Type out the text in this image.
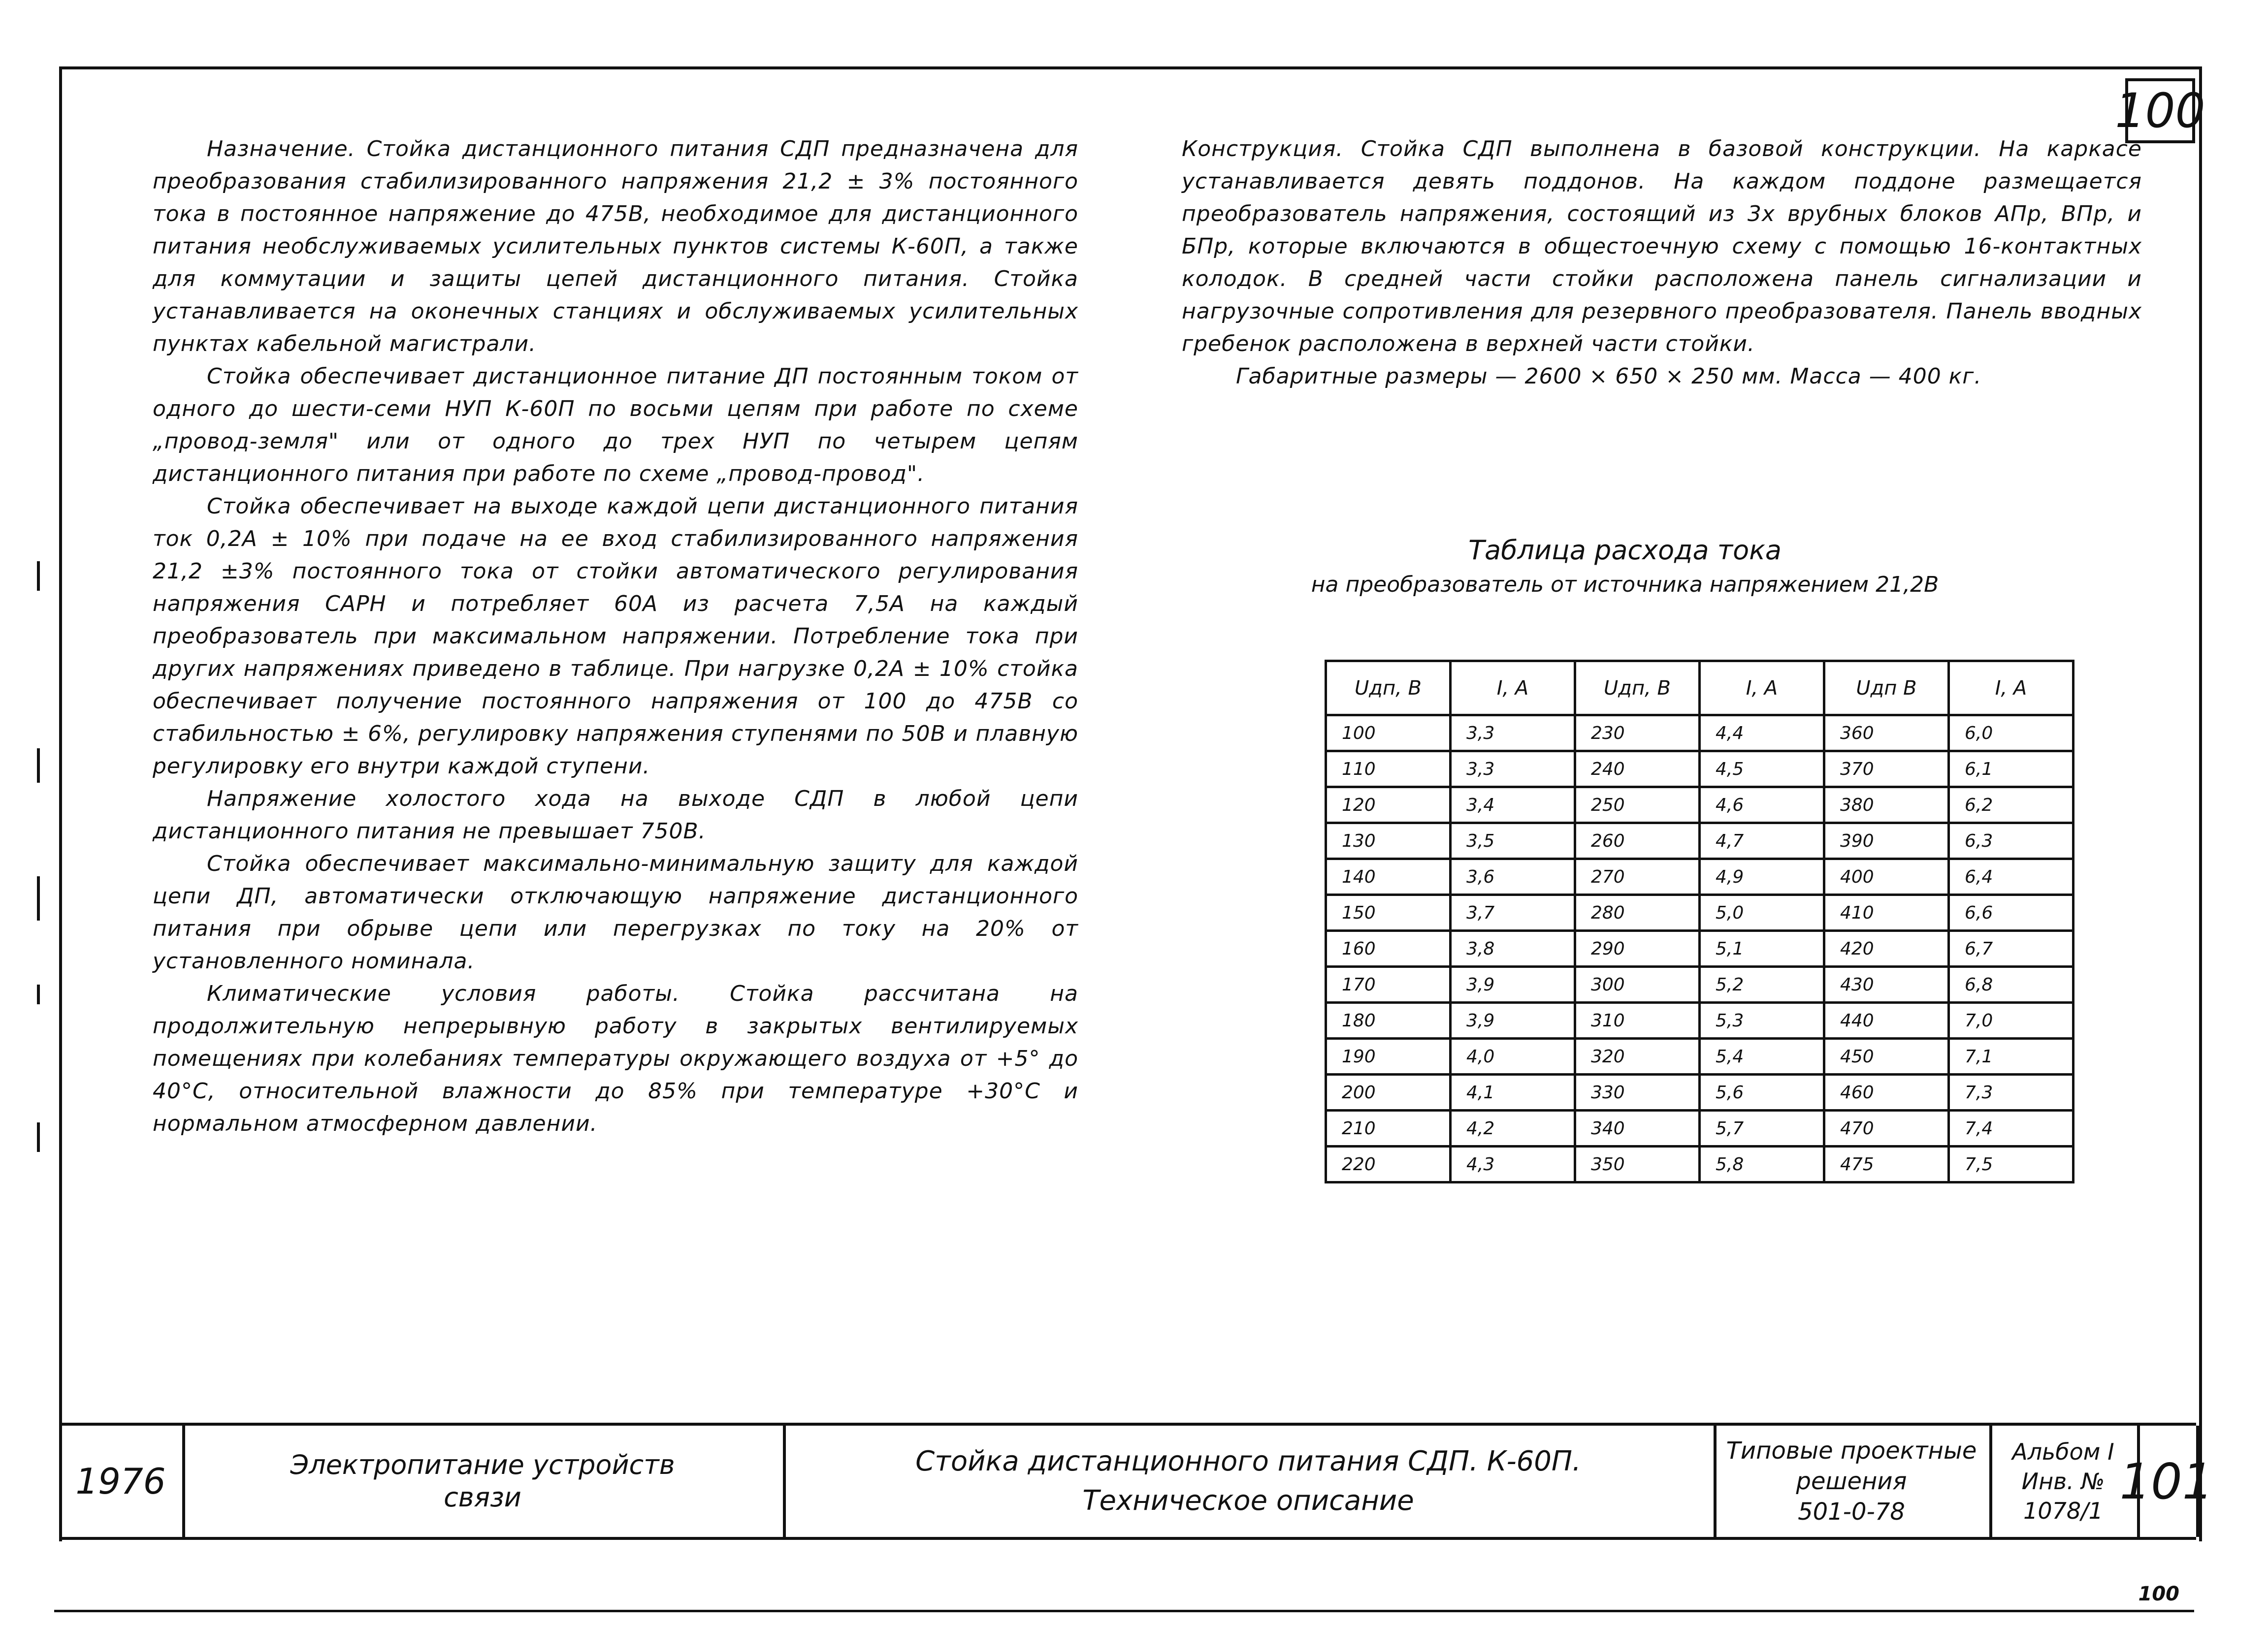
100

Назначение. Стойка дистанционного питания СДП предназначена для преобразования стабилизированного напряжения 21,2 ± 3% постоянного тока в постоянное напряжение до 475В, необходимое для дистанционного питания необслуживаемых усилительных пунктов системы К-60П, а также для коммутации и защиты цепей дистанционного питания. Стойка устанавливается на оконечных станциях и обслуживаемых усилительных пунктах кабельной магистрали.

Стойка обеспечивает дистанционное питание ДП постоянным током от одного до шести-семи НУП К-60П по восьми цепям при работе по схеме „провод-земля" или от одного до трех НУП по четырем цепям дистанционного питания при работе по схеме „провод-провод".

Стойка обеспечивает на выходе каждой цепи дистанционного питания ток 0,2А ± 10% при подаче на ее вход стабилизированного напряжения 21,2 ±3% постоянного тока от стойки автоматического регулирования напряжения САРН и потребляет 60А из расчета 7,5А на каждый преобразователь при максимальном напряжении. Потребление тока при других напряжениях приведено в таблице. При нагрузке 0,2А ± 10% стойка обеспечивает получение постоянного напряжения от 100 до 475В со стабильностью ± 6%, регулировку напряжения ступенями по 50В и плавную регулировку его внутри каждой ступени.

Напряжение холостого хода на выходе СДП в любой цепи дистанционного питания не превышает 750В.

Стойка обеспечивает максимально-минимальную защиту для каждой цепи ДП, автоматически отключающую напряжение дистанционного питания при обрыве цепи или перегрузках по току на 20% от установленного номинала.

Климатические условия работы. Стойка рассчитана на продолжительную непрерывную работу в закрытых вентилируемых помещениях при колебаниях температуры окружающего воздуха от +5° до 40°С, относительной влажности до 85% при температуре +30°С и нормальном атмосферном давлении.

Конструкция. Стойка СДП выполнена в базовой конструкции. На каркасе устанавливается девять поддонов. На каждом поддоне размещается преобразователь напряжения, состоящий из 3х врубных блоков АПр, ВПр, и БПр, которые включаются в общестоечную схему с помощью 16-контактных колодок. В средней части стойки расположена панель сигнализации и нагрузочные сопротивления для резервного преобразователя. Панель вводных гребенок расположена в верхней части стойки.

Габаритные размеры — 2600 × 650 × 250 мм. Масса — 400 кг.

Таблица расхода тока
на преобразователь от источника напряжением 21,2В
Uдп, В	I, А	Uдп, В	I, А	Uдп В	I, А
100	3,3	230	4,4	360	6,0
110	3,3	240	4,5	370	6,1
120	3,4	250	4,6	380	6,2
130	3,5	260	4,7	390	6,3
140	3,6	270	4,9	400	6,4
150	3,7	280	5,0	410	6,6
160	3,8	290	5,1	420	6,7
170	3,9	300	5,2	430	6,8
180	3,9	310	5,3	440	7,0
190	4,0	320	5,4	450	7,1
200	4,1	330	5,6	460	7,3
210	4,2	340	5,7	470	7,4
220	4,3	350	5,8	475	7,5
1976	Электропитание устройств
связи
Стойка дистанционного питания СДП. К-60П.
Техническое описание
Типовые проектные
решения
501-0-78
Альбом I
Инв. №
1078/1
101
100
